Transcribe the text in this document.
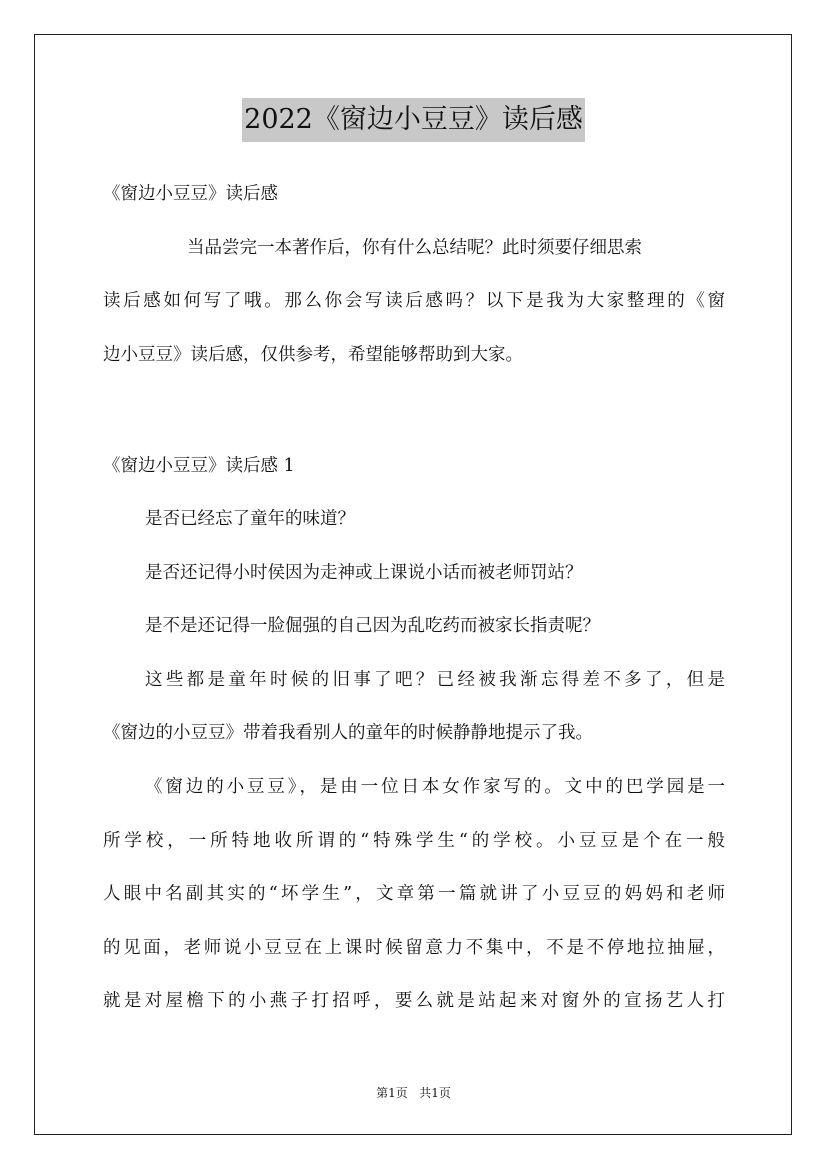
2022《窗边小豆豆》读后感
《窗边小豆豆》读后感
当品尝完一本著作后，你有什么总结呢？此时须要仔细思索
读后感如何写了哦。那么你会写读后感吗？以下是我为大家整理的《窗
边小豆豆》读后感，仅供参考，希望能够帮助到大家。
《窗边小豆豆》读后感 1
是否已经忘了童年的味道？
是否还记得小时侯因为走神或上课说小话而被老师罚站？
是不是还记得一脸倔强的自己因为乱吃药而被家长指责呢？
这些都是童年时候的旧事了吧？已经被我渐忘得差不多了，但是
《窗边的小豆豆》带着我看别人的童年的时候静静地提示了我。
《窗边的小豆豆》，是由一位日本女作家写的。文中的巴学园是一
所学校，一所特地收所谓的“特殊学生“的学校。小豆豆是个在一般
人眼中名副其实的“坏学生”，文章第一篇就讲了小豆豆的妈妈和老师
的见面，老师说小豆豆在上课时候留意力不集中，不是不停地拉抽屉，
就是对屋檐下的小燕子打招呼，要么就是站起来对窗外的宣扬艺人打
第1页 共1页
